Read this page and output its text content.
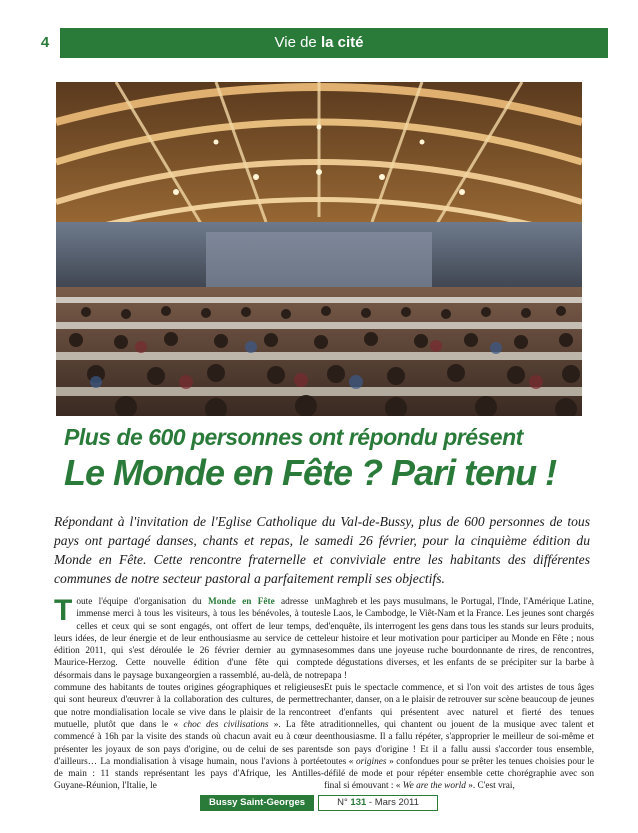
4	Vie de la cité
Plus de 600 personnes ont répondu présent
Le Monde en Fête ? Pari tenu !
Répondant à l'invitation de l'Eglise Catholique du Val-de-Bussy, plus de 600 personnes de tous pays ont partagé danses, chants et repas, le samedi 26 février, pour la cinquième édition du Monde en Fête. Cette rencontre fraternelle et conviviale entre les habitants des différentes communes de notre secteur pastoral a parfaitement rempli ses objectifs.

Toute l'équipe d'organisation du Monde en Fête adresse un immense merci à tous les visiteurs, à tous les bénévoles, à toutes celles et ceux qui se sont engagés, ont offert de leur temps, de leurs idées, de leur énergie et de leur enthousiasme au service de cette édition 2011, qui s'est déroulée le 26 février dernier au gymnase Maurice-Herzog. Cette nouvelle édition d'une fête qui compte désormais dans le paysage buxangeorgien a rassemblé, au-delà, de notre commune des habitants de toutes origines géographiques et religieuses qui sont heureux d'œuvrer à la collaboration des cultures, de permettre que notre mondialisation locale se vive dans le plaisir de la rencontre mutuelle, plutôt que dans le « choc des civilisations ». La fête a commencé à 16h par la visite des stands où chacun avait eu à cœur de présenter les joyaux de son pays d'origine, ou de celui de ses parents d'ailleurs… La mondialisation à visage humain, nous l'avions à portée de main : 11 stands représentant les pays d'Afrique, les Antilles-Guyane-Réunion, l'Italie, le

Maghreb et les pays musulmans, le Portugal, l'Inde, l'Amérique Latine, le Laos, le Cambodge, le Viêt-Nam et la France. Les jeunes sont chargés d'enquête, ils interrogent les gens dans tous les stands sur leurs produits, leur histoire et leur motivation pour participer au Monde en Fête ; nous sommes dans une joyeuse ruche bourdonnante de rires, de rencontres, de dégustations diverses, et les enfants de se précipiter sur la barbe à papa !

Et puis le spectacle commence, et si l'on voit des artistes de tous âges chanter, danser, on a le plaisir de retrouver sur scène beaucoup de jeunes et d'enfants qui présentent avec naturel et fierté des tenues traditionnelles, qui chantent ou jouent de la musique avec talent et enthousiasme. Il a fallu répéter, s'approprier le meilleur de soi-même et de son pays d'origine ! Et il a fallu aussi s'accorder tous ensemble, toutes « origines » confondues pour se prêter les tenues choisies pour le défilé de mode et pour répéter ensemble cette chorégraphie avec son final si émouvant : « We are the world ». C'est vrai,

Bussy Saint-Georges	N° 131 - Mars 2011
